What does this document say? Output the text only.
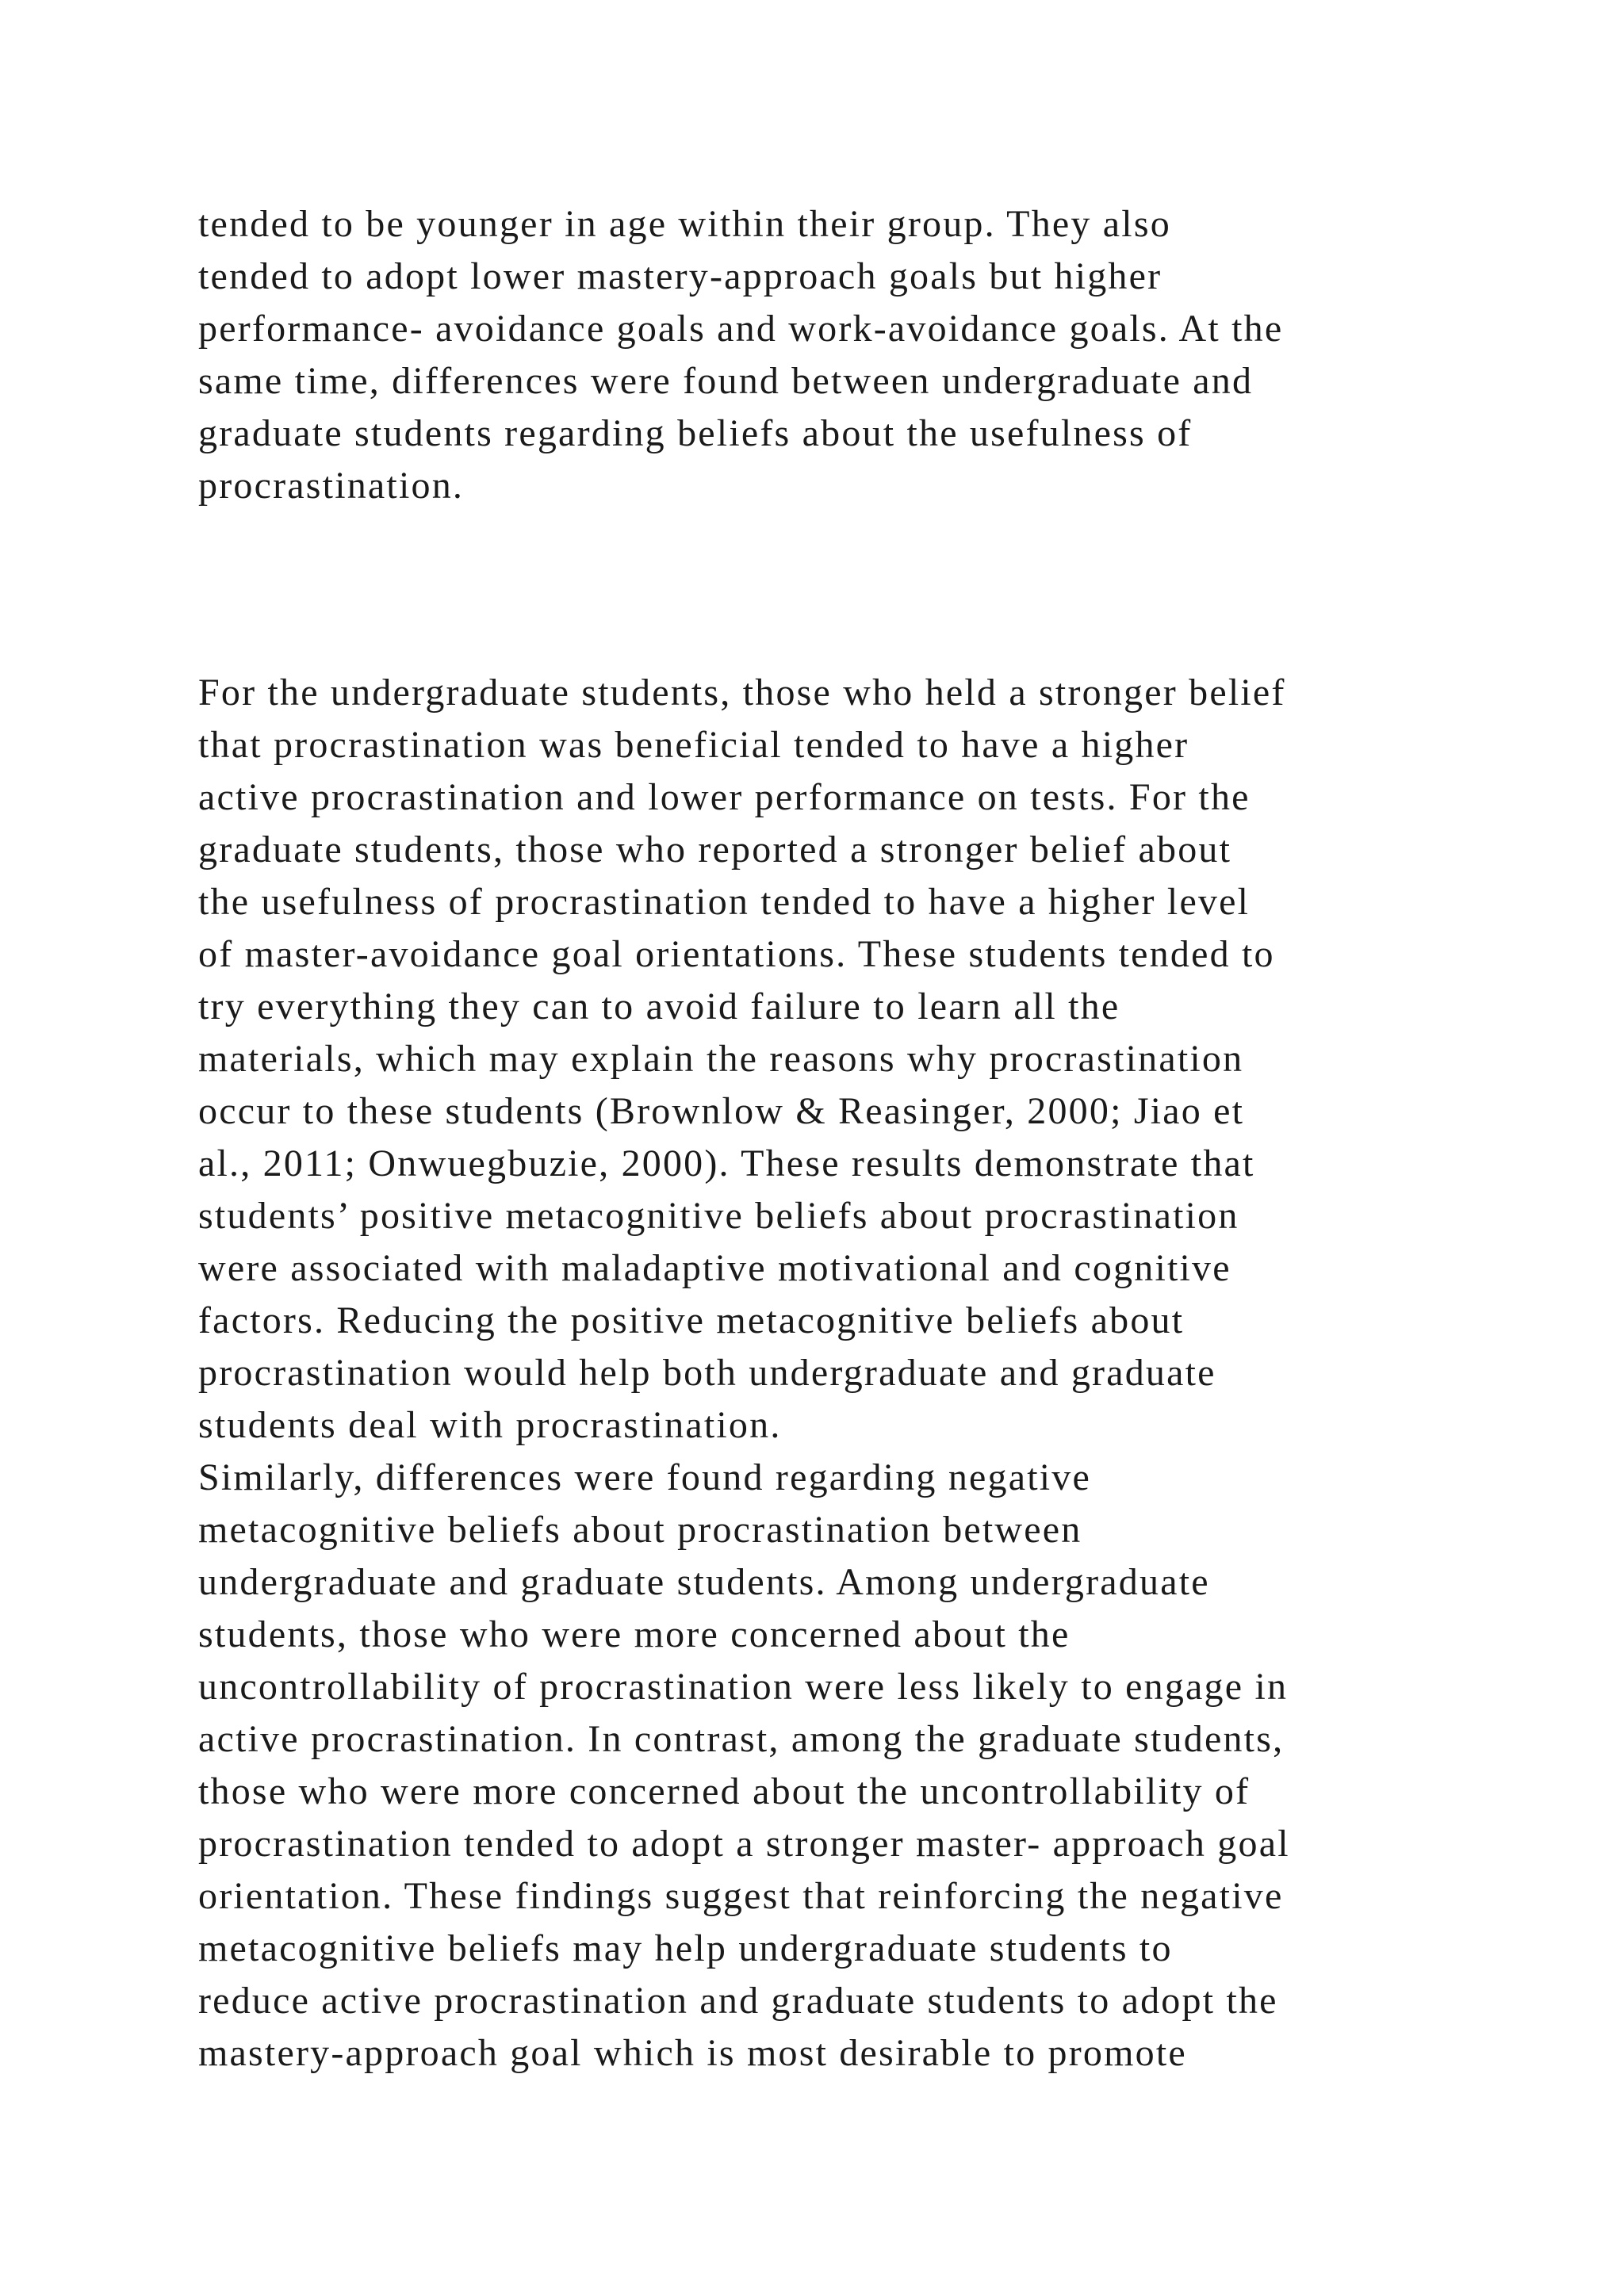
tended to be younger in age within their group. They also
tended to adopt lower mastery-approach goals but higher
performance- avoidance goals and work-avoidance goals. At the
same time, differences were found between undergraduate and
graduate students regarding beliefs about the usefulness of
procrastination.
For the undergraduate students, those who held a stronger belief
that procrastination was beneficial tended to have a higher
active procrastination and lower performance on tests. For the
graduate students, those who reported a stronger belief about
the usefulness of procrastination tended to have a higher level
of master-avoidance goal orientations. These students tended to
try everything they can to avoid failure to learn all the
materials, which may explain the reasons why procrastination
occur to these students (Brownlow & Reasinger, 2000; Jiao et
al., 2011; Onwuegbuzie, 2000). These results demonstrate that
students’ positive metacognitive beliefs about procrastination
were associated with maladaptive motivational and cognitive
factors. Reducing the positive metacognitive beliefs about
procrastination would help both undergraduate and graduate
students deal with procrastination.
Similarly, differences were found regarding negative
metacognitive beliefs about procrastination between
undergraduate and graduate students. Among undergraduate
students, those who were more concerned about the
uncontrollability of procrastination were less likely to engage in
active procrastination. In contrast, among the graduate students,
those who were more concerned about the uncontrollability of
procrastination tended to adopt a stronger master- approach goal
orientation. These findings suggest that reinforcing the negative
metacognitive beliefs may help undergraduate students to
reduce active procrastination and graduate students to adopt the
mastery-approach goal which is most desirable to promote
